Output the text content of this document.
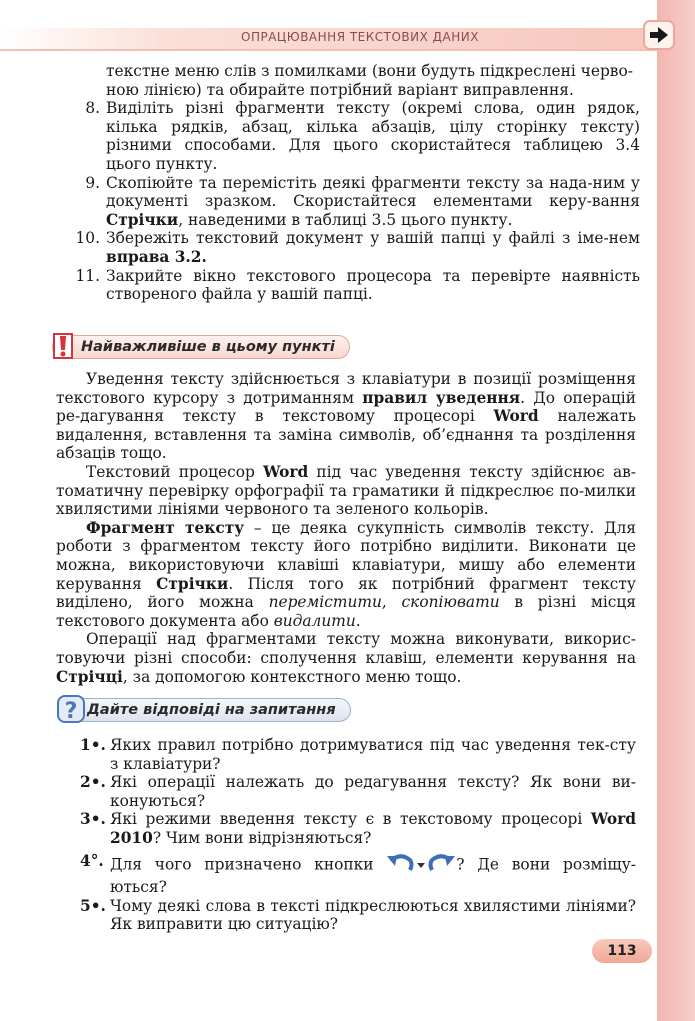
ОПРАЦЮВАННЯ ТЕКСТОВИХ ДАНИХ
текстне меню слів з помилками (вони будуть підкреслені черво-
ною лінією) та обирайте потрібний варіант виправлення.
8. Виділіть різні фрагменти тексту (окремі слова, один рядок, кілька рядків, абзац, кілька абзаців, цілу сторінку тексту) різними способами. Для цього скористайтеся таблицею 3.4 цього пункту.
9. Скопіюйте та перемістіть деякі фрагменти тексту за нада-ним у документі зразком. Скористайтеся елементами керу-вання Стрічки, наведеними в таблиці 3.5 цього пункту.
10. Збережіть текстовий документ у вашій папці у файлі з іме-нем вправа 3.2.
11. Закрийте вікно текстового процесора та перевірте наявність створеного файла у вашій папці.
Найважливіше в цьому пункті

Уведення тексту здійснюється з клавіатури в позиції розміщення текстового курсору з дотриманням правил уведення. До операцій ре-дагування тексту в текстовому процесорі Word належать видалення, вставлення та заміна символів, об’єднання та розділення абзаців тощо.

Текстовий процесор Word під час уведення тексту здійснює ав-томатичну перевірку орфографії та граматики й підкреслює по-милки хвилястими лініями червоного та зеленого кольорів.

Фрагмент тексту – це деяка сукупність символів тексту. Для роботи з фрагментом тексту його потрібно виділити. Виконати це можна, використовуючи клавіші клавіатури, мишу або елементи керування Стрічки. Після того як потрібний фрагмент тексту виділено, його можна перемістити, скопіювати в різні місця текстового документа або видалити.

Операції над фрагментами тексту можна виконувати, викорис-товуючи різні способи: сполучення клавіш, елементи керування на Стрічці, за допомогою контекстного меню тощо.

? Дайте відповіді на запитання
1•. Яких правил потрібно дотримуватися під час уведення тек-сту з клавіатури?
2•. Які операції належать до редагування тексту? Як вони ви-конуються?
3•. Які режими введення тексту є в текстовому процесорі Word 2010? Чим вони відрізняються?
4°. Для чого призначено кнопки	? Де вони розміщу-ються?
5•. Чому деякі слова в тексті підкреслюються хвилястими лініями? Як виправити цю ситуацію?
113
